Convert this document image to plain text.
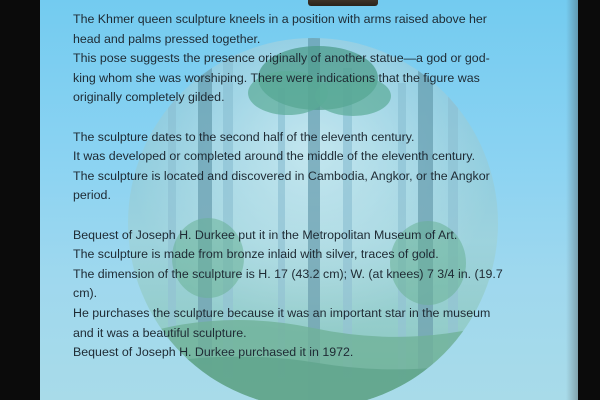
The Khmer queen sculpture kneels in a position with arms raised above her

head and palms pressed together.

This pose suggests the presence originally of another statue—a god or god-

king whom she was worshiping. There were indications that the figure was

originally completely gilded.

The sculpture dates to the second half of the eleventh century.

It was developed or completed around the middle of the eleventh century.

The sculpture is located and discovered in Cambodia, Angkor, or the Angkor

period.

Bequest of Joseph H. Durkee put it in the Metropolitan Museum of Art.

The sculpture is made from bronze inlaid with silver, traces of gold.

The dimension of the sculpture is H. 17 (43.2 cm); W. (at knees) 7 3/4 in. (19.7

cm).

He purchases the sculpture because it was an important star in the museum

and it was a beautiful sculpture.

Bequest of Joseph H. Durkee purchased it in 1972.
